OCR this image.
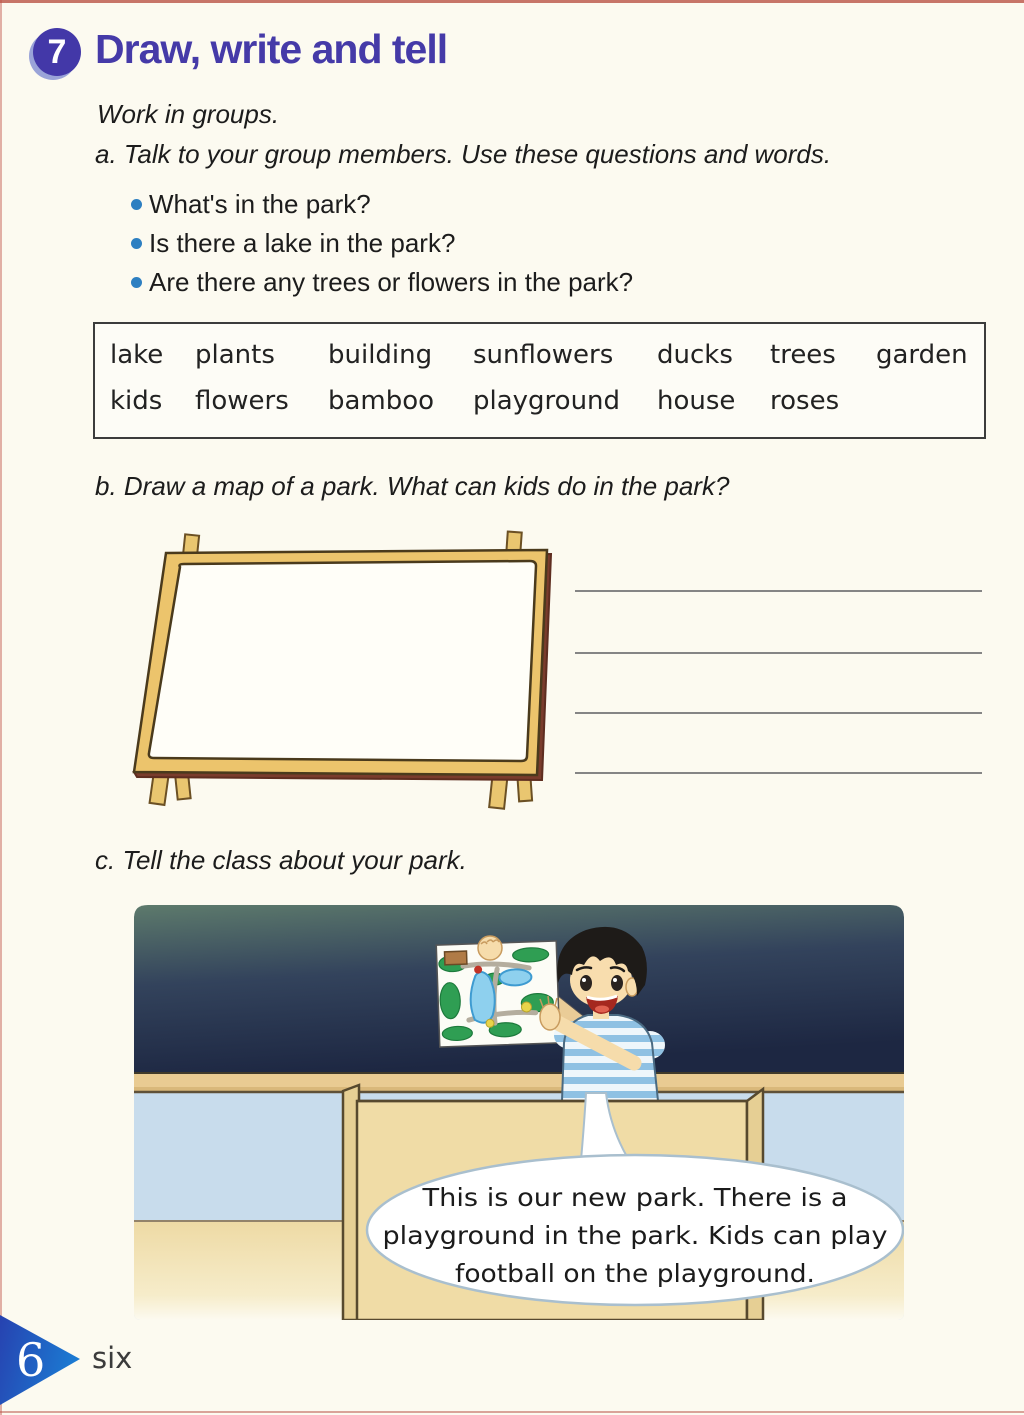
7 Draw, write and tell
Work in groups.
a. Talk to your group members. Use these questions and words.
What's in the park?
Is there a lake in the park?
Are there any trees or flowers in the park?
lake plants building sunflowers ducks trees garden
kids flowers bamboo playground house roses
b. Draw a map of a park. What can kids do in the park?
c. Tell the class about your park.
This is our new park. There is a
playground in the park. Kids can play
football on the playground.
6 six
